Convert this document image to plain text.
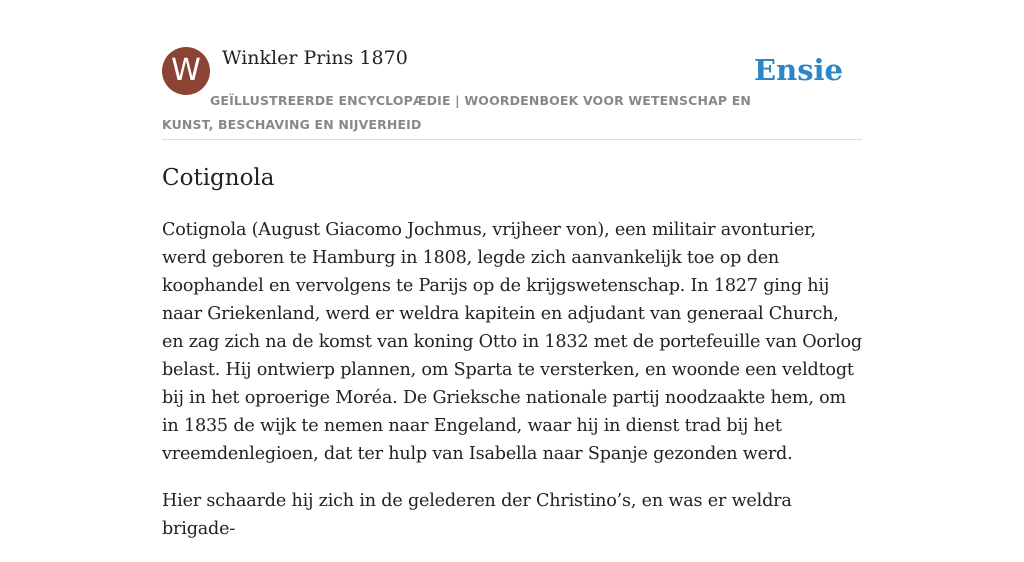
W	Winkler Prins 1870	Ensie
GEÏLLUSTREERDE ENCYCLOPÆDIE | WOORDENBOEK VOOR WETENSCHAP EN KUNST, BESCHAVING EN NIJVERHEID
Cotignola

Cotignola (August Giacomo Jochmus, vrijheer von), een militair avonturier, werd geboren te Hamburg in 1808, legde zich aanvankelijk toe op den koophandel en vervolgens te Parijs op de krijgswetenschap. In 1827 ging hij naar Griekenland, werd er weldra kapitein en adjudant van generaal Church, en zag zich na de komst van koning Otto in 1832 met de portefeuille van Oorlog belast. Hij ontwierp plannen, om Sparta te versterken, en woonde een veldtogt bij in het oproerige Moréa. De Grieksche nationale partij noodzaakte hem, om in 1835 de wijk te nemen naar Engeland, waar hij in dienst trad bij het vreemdenlegioen, dat ter hulp van Isabella naar Spanje gezonden werd.

Hier schaarde hij zich in de gelederen der Christino’s, en was er weldra brigade-
